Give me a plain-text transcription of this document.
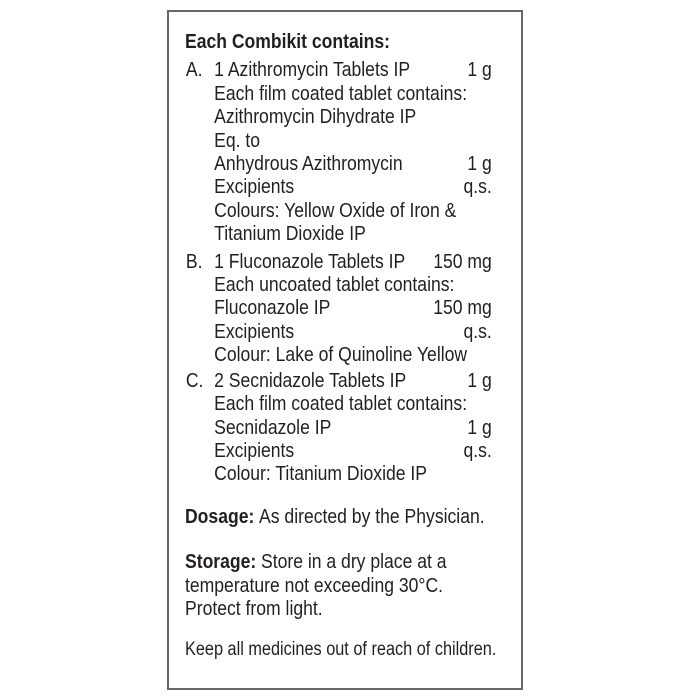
Each Combikit contains:
A. 1 Azithromycin Tablets IP	1 g
Each film coated tablet contains:
Azithromycin Dihydrate IP
Eq. to
Anhydrous Azithromycin	1 g
Excipients	q.s.
Colours: Yellow Oxide of Iron &
Titanium Dioxide IP
B. 1 Fluconazole Tablets IP 150 mg
Each uncoated tablet contains:
Fluconazole IP	150 mg
Excipients	q.s.
Colour: Lake of Quinoline Yellow
C. 2 Secnidazole Tablets IP	1 g
Each film coated tablet contains:
Secnidazole IP	1 g
Excipients	q.s.
Colour: Titanium Dioxide IP
Dosage: As directed by the Physician.
Storage: Store in a dry place at a
temperature not exceeding 30°C.
Protect from light.
Keep all medicines out of reach of children.
